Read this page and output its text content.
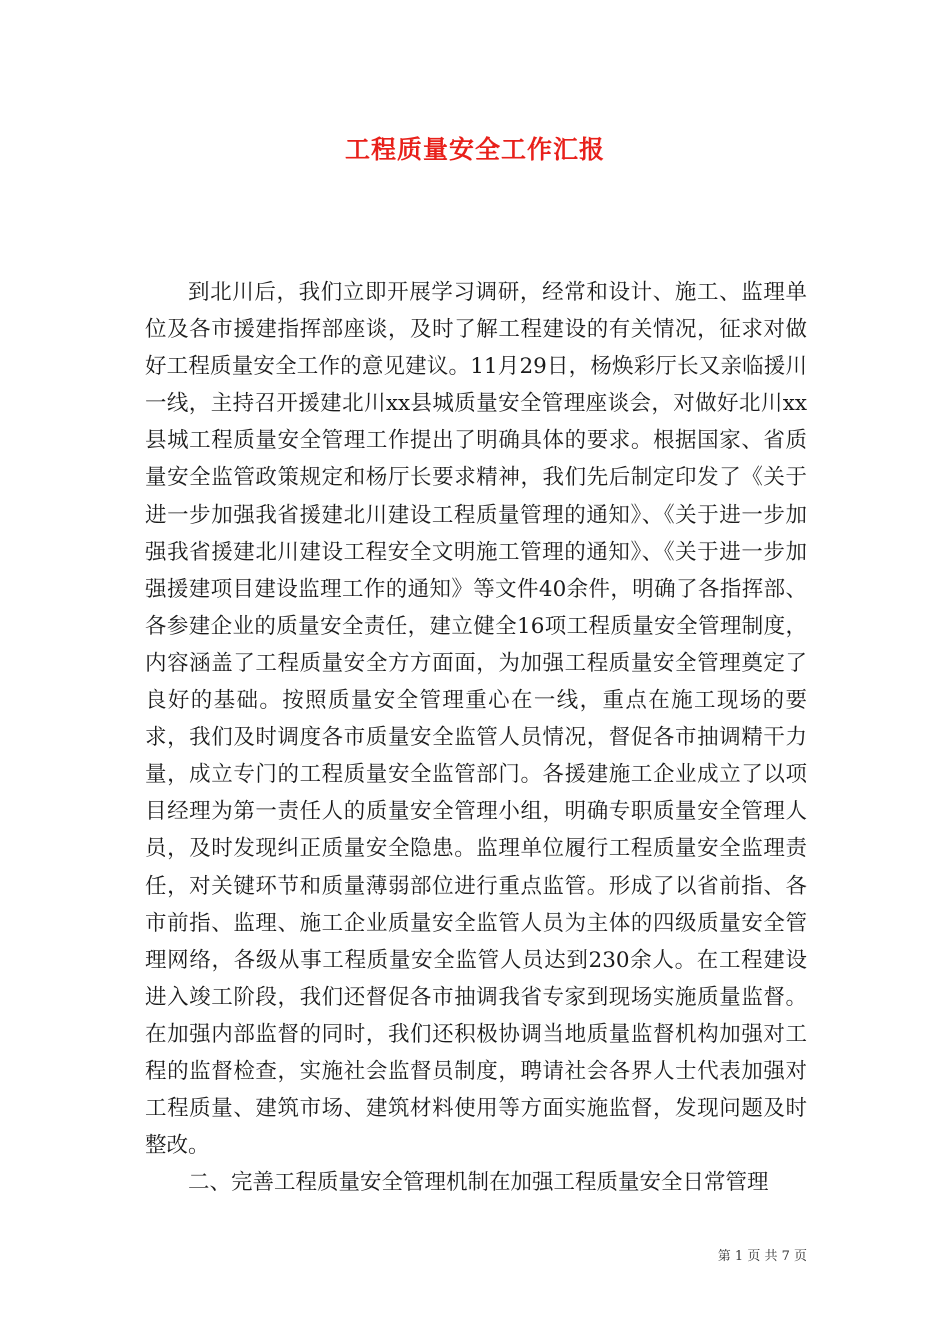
工程质量安全工作汇报

到北川后，我们立即开展学习调研，经常和设计、施工、监理单位及各市援建指挥部座谈，及时了解工程建设的有关情况，征求对做好工程质量安全工作的意见建议。11月29日，杨焕彩厅长又亲临援川一线，主持召开援建北川xx县城质量安全管理座谈会，对做好北川xx县城工程质量安全管理工作提出了明确具体的要求。根据国家、省质量安全监管政策规定和杨厅长要求精神，我们先后制定印发了《关于进一步加强我省援建北川建设工程质量管理的通知》、《关于进一步加强我省援建北川建设工程安全文明施工管理的通知》、《关于进一步加强援建项目建设监理工作的通知》等文件40余件，明确了各指挥部、各参建企业的质量安全责任，建立健全16项工程质量安全管理制度，内容涵盖了工程质量安全方方面面，为加强工程质量安全管理奠定了良好的基础。按照质量安全管理重心在一线，重点在施工现场的要求，我们及时调度各市质量安全监管人员情况，督促各市抽调精干力量，成立专门的工程质量安全监管部门。各援建施工企业成立了以项目经理为第一责任人的质量安全管理小组，明确专职质量安全管理人员，及时发现纠正质量安全隐患。监理单位履行工程质量安全监理责任，对关键环节和质量薄弱部位进行重点监管。形成了以省前指、各市前指、监理、施工企业质量安全监管人员为主体的四级质量安全管理网络，各级从事工程质量安全监管人员达到230余人。在工程建设进入竣工阶段，我们还督促各市抽调我省专家到现场实施质量监督。在加强内部监督的同时，我们还积极协调当地质量监督机构加强对工程的监督检查，实施社会监督员制度，聘请社会各界人士代表加强对工程质量、建筑市场、建筑材料使用等方面实施监督，发现问题及时整改。

二、完善工程质量安全管理机制在加强工程质量安全日常管理

第 1 页 共 7 页
